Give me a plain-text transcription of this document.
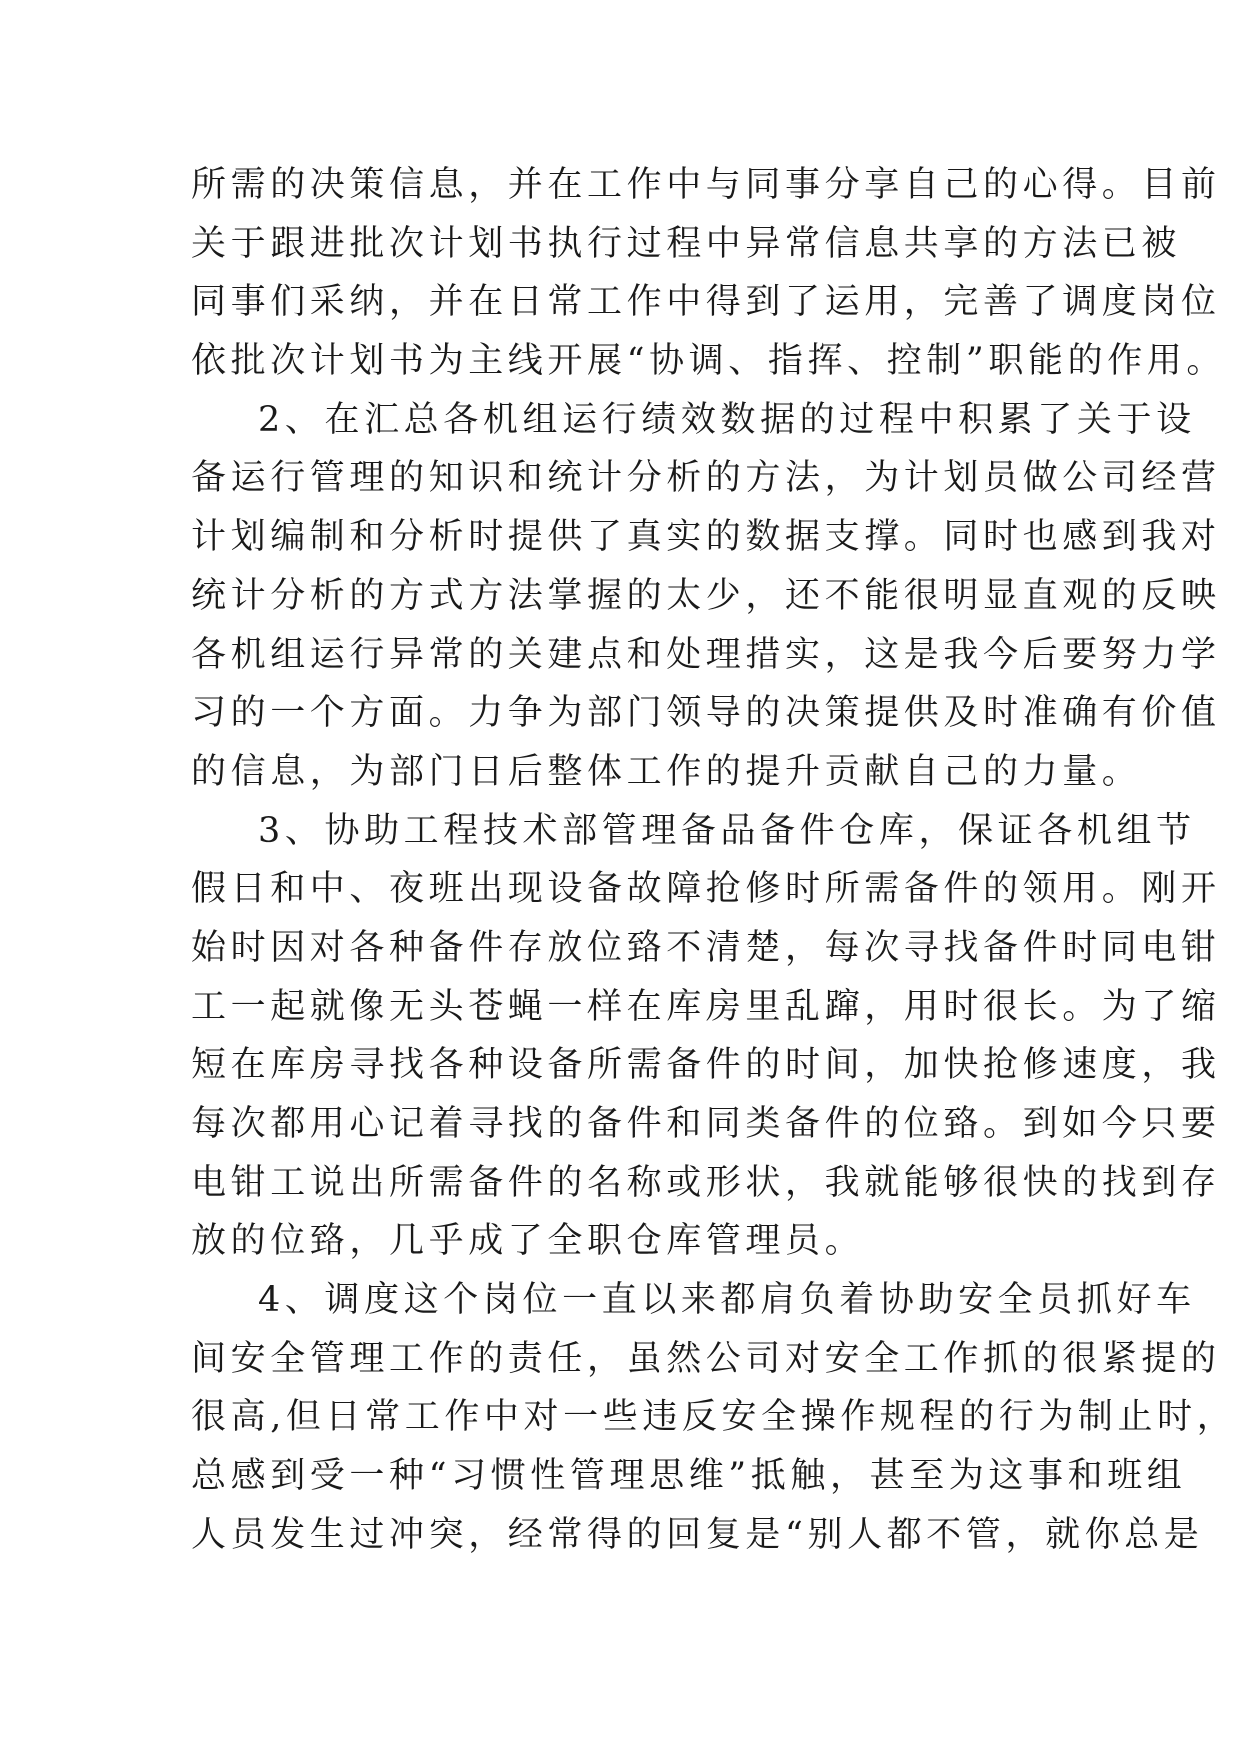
所需的决策信息，并在工作中与同事分享自己的心得。目前
关于跟进批次计划书执行过程中异常信息共享的方法已被
同事们采纳，并在日常工作中得到了运用，完善了调度岗位
依批次计划书为主线开展“协调、指挥、控制”职能的作用。
2、在汇总各机组运行绩效数据的过程中积累了关于设
备运行管理的知识和统计分析的方法，为计划员做公司经营
计划编制和分析时提供了真实的数据支撑。同时也感到我对
统计分析的方式方法掌握的太少，还不能很明显直观的反映
各机组运行异常的关建点和处理措实，这是我今后要努力学
习的一个方面。力争为部门领导的决策提供及时准确有价值
的信息，为部门日后整体工作的提升贡献自己的力量。
3、协助工程技术部管理备品备件仓库，保证各机组节
假日和中、夜班出现设备故障抢修时所需备件的领用。刚开
始时因对各种备件存放位臵不清楚，每次寻找备件时同电钳
工一起就像无头苍蝇一样在库房里乱蹿，用时很长。为了缩
短在库房寻找各种设备所需备件的时间，加快抢修速度，我
每次都用心记着寻找的备件和同类备件的位臵。到如今只要
电钳工说出所需备件的名称或形状，我就能够很快的找到存
放的位臵，几乎成了全职仓库管理员。
4、调度这个岗位一直以来都肩负着协助安全员抓好车
间安全管理工作的责任，虽然公司对安全工作抓的很紧提的
很高,但日常工作中对一些违反安全操作规程的行为制止时，
总感到受一种“习惯性管理思维”抵触，甚至为这事和班组
人员发生过冲突，经常得的回复是“别人都不管，就你总是
